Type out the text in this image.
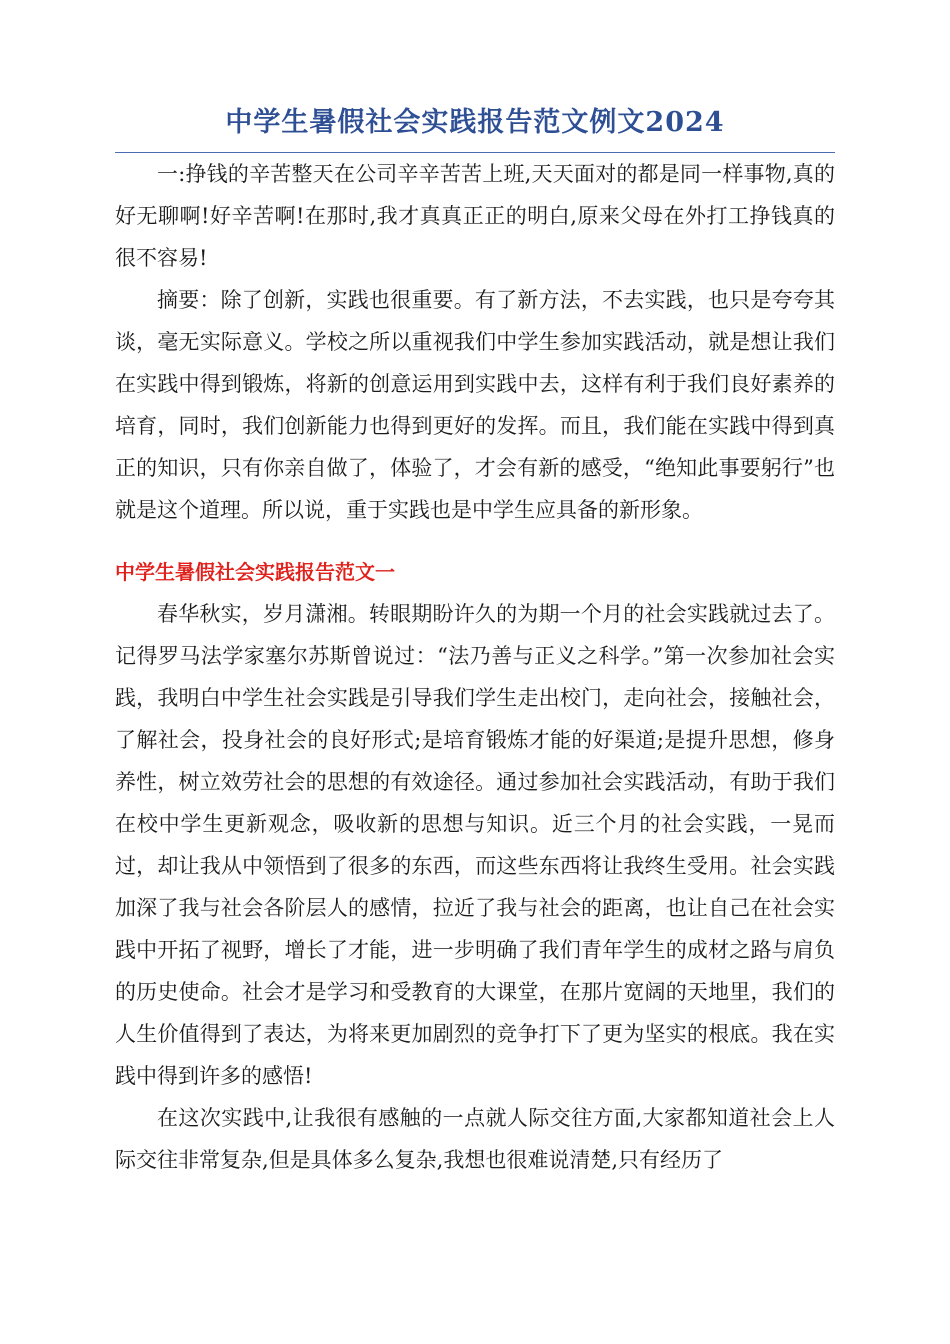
中学生暑假社会实践报告范文例文2024

一:挣钱的辛苦整天在公司辛辛苦苦上班,天天面对的都是同一样事物,真的好无聊啊!好辛苦啊!在那时,我才真真正正的明白,原来父母在外打工挣钱真的很不容易!

摘要：除了创新，实践也很重要。有了新方法，不去实践，也只是夸夸其谈，毫无实际意义。学校之所以重视我们中学生参加实践活动，就是想让我们在实践中得到锻炼，将新的创意运用到实践中去，这样有利于我们良好素养的培育，同时，我们创新能力也得到更好的发挥。而且，我们能在实践中得到真正的知识，只有你亲自做了，体验了，才会有新的感受，“绝知此事要躬行”也就是这个道理。所以说，重于实践也是中学生应具备的新形象。

中学生暑假社会实践报告范文一

春华秋实，岁月潇湘。转眼期盼许久的为期一个月的社会实践就过去了。记得罗马法学家塞尔苏斯曾说过：“法乃善与正义之科学。”第一次参加社会实践，我明白中学生社会实践是引导我们学生走出校门，走向社会，接触社会，了解社会，投身社会的良好形式;是培育锻炼才能的好渠道;是提升思想，修身养性，树立效劳社会的思想的有效途径。通过参加社会实践活动，有助于我们在校中学生更新观念，吸收新的思想与知识。近三个月的社会实践，一晃而过，却让我从中领悟到了很多的东西，而这些东西将让我终生受用。社会实践加深了我与社会各阶层人的感情，拉近了我与社会的距离，也让自己在社会实践中开拓了视野，增长了才能，进一步明确了我们青年学生的成材之路与肩负的历史使命。社会才是学习和受教育的大课堂，在那片宽阔的天地里，我们的人生价值得到了表达，为将来更加剧烈的竞争打下了更为坚实的根底。我在实践中得到许多的感悟!

在这次实践中,让我很有感触的一点就人际交往方面,大家都知道社会上人际交往非常复杂,但是具体多么复杂,我想也很难说清楚,只有经历了
